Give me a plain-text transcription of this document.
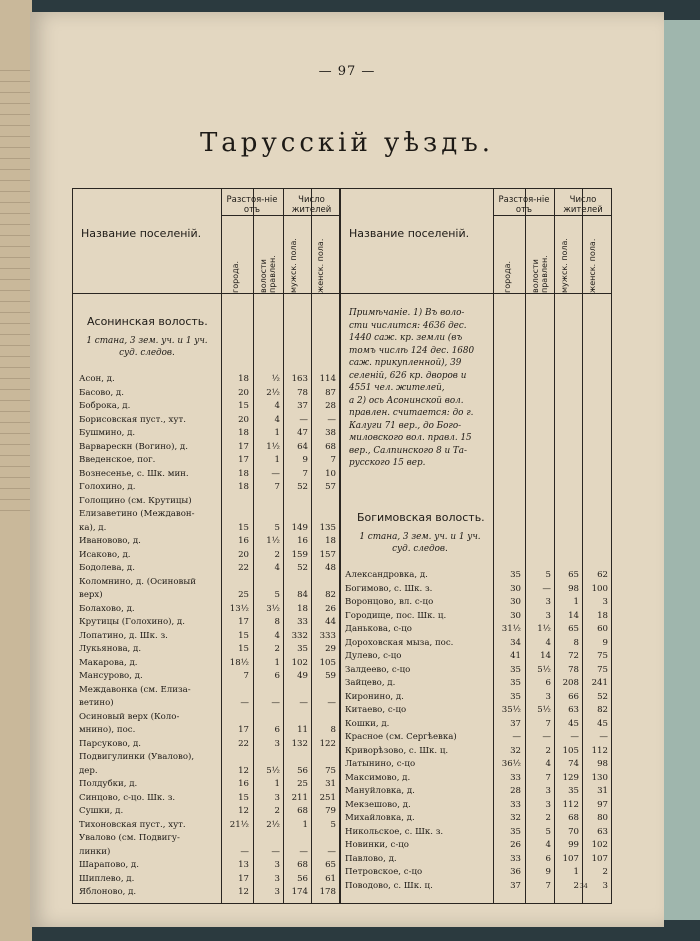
— 97 —
Тарусскій уѣздъ.
Название поселеній.
Разстоя-ніе отъ
Число жителей
города. волости правлен. мужск. пола. женск. пола.
Название поселеній.
Разстоя-ніе отъ
Число жителей
города. волости правлен. мужск. пола. женск. пола.
Асонинская волость.
1 стана, 3 зем. уч. и 1 уч. суд. следов.
Примѣчаніе. 1) Въ воло-
сти числится: 4636 дес.
1440 саж. кр. земли (въ
томъ числѣ 124 дес. 1680
саж. прикупленной), 39
селеній, 626 кр. дворов и
4551 чел. жителей,
а 2) ось Асонинской вол.
правлен. считается: до г.
Калуги 71 вер., до Бого-
миловского вол. правл. 15
вер., Салпинского 8 и Та-
русского 15 вер.
Богимовская волость.
1 стана, 3 зем. уч. и 1 уч. суд. следов.
Асон, д.	18	½	163	114
Басово, д.	20	2½	78	87
Боброка, д.	15	4	37	28
Борисовская пуст., хут.	20	4	—	—
Бушмино, д.	18	1	47	38
Варварескн (Вогино), д.	17	1½	64	68
Введенское, пог.	17	1	9	7
Вознесенье, с. Шк. мин.	18	—	7	10
Голохино, д.	18	7	52	57
Голощино (см. Крутицы)
Елизаветино (Междавон-
ка), д.	15	5	149	135
Ивановово, д.	16	1½	16	18
Исаково, д.	20	2	159	157
Бодолева, д.	22	4	52	48
Коломнино, д. (Осиновый
верх)	25	5	84	82
Болахово, д.	13½	3½	18	26
Крутицы (Голохино), д.	17	8	33	44
Лопатино, д. Шк. з.	15	4	332	333
Лукьянова, д.	15	2	35	29
Макарова, д.	18½	1	102	105
Мансурово, д.	7	6	49	59
Междавонка (см. Елиза-
ветино)	—	—	—	—
Осиновый верх (Коло-
мнино), пос.	17	6	11	8
Парсуково, д.	22	3	132	122
Подвигулинки (Увалово),
дер.	12	5½	56	75
Полдубки, д.	16	1	25	31
Синцово, с-цо. Шк. з.	15	3	211	251
Сушки, д.	12	2	68	79
Тихоновская пуст., хут.	21½	2½	1	5
Увалово (см. Подвигу-
линки)	—	—	—	—
Шарапово, д.	13	3	68	65
Шиплево, д.	17	3	56	61
Яблоново, д.	12	3	174	178
Александровка, д.	35	5	65	62
Богимово, с. Шк. з.	30	—	98	100
Воронцово, вл. с-цо	30	3	1	3
Городище, пос. Шк. ц.	30	3	14	18
Данькова, с-цо	31½	1½	65	60
Дороховская мыза, пос.	34	4	8	9
Дулево, с-цо	41	14	72	75
Залдеево, с-цо	35	5½	78	75
Зайцево, д.	35	6	208	241
Киронино, д.	35	3	66	52
Китаево, с-цо	35½	5½	63	82
Кошки, д.	37	7	45	45
Красное (см. Сергѣевка)	—	—	—	—
Криворѣзово, с. Шк. ц.	32	2	105	112
Латынино, с-цо	36½	4	74	98
Максимово, д.	33	7	129	130
Мануйловка, д.	28	3	35	31
Мекзешово, д.	33	3	112	97
Михайловка, д.	32	2	68	80
Никольское, с. Шк. з.	35	5	70	63
Новинки, с-цо	26	4	99	102
Павлово, д.	33	6	107	107
Петровское, с-цо	36	9	1	2
Поводово, с. Шк. ц.	37	7	2	3
34
